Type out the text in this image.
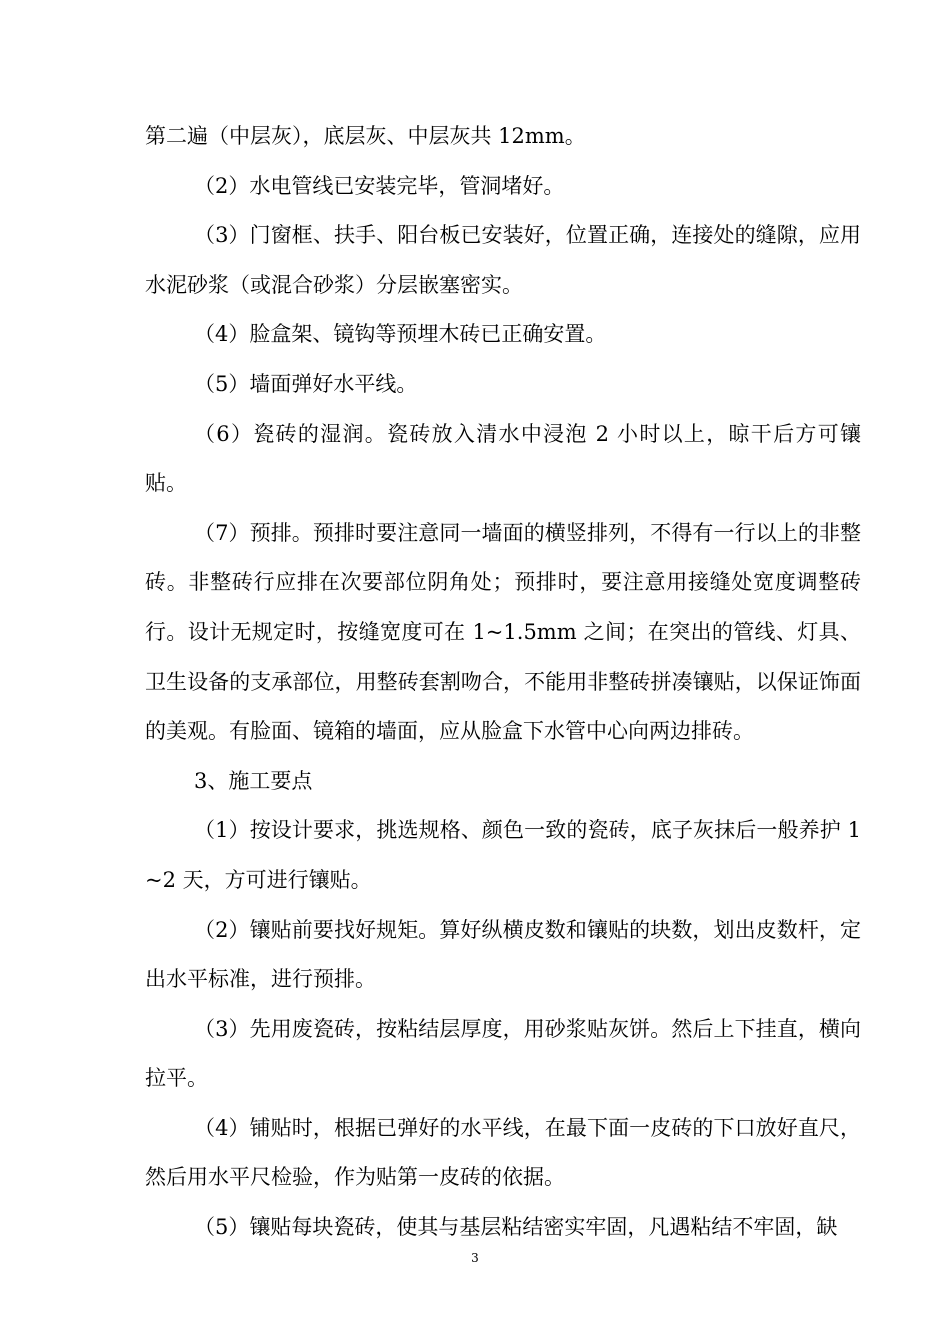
第二遍（中层灰），底层灰、中层灰共 12mm。

（2）水电管线已安装完毕，管洞堵好。

（3）门窗框、扶手、阳台板已安装好，位置正确，连接处的缝隙，应用水泥砂浆（或混合砂浆）分层嵌塞密实。

（4）脸盒架、镜钩等预埋木砖已正确安置。

（5）墙面弹好水平线。

（6）瓷砖的湿润。瓷砖放入清水中浸泡 2 小时以上，晾干后方可镶贴。

（7）预排。预排时要注意同一墙面的横竖排列，不得有一行以上的非整砖。非整砖行应排在次要部位阴角处；预排时，要注意用接缝处宽度调整砖行。设计无规定时，按缝宽度可在 1~1.5mm 之间；在突出的管线、灯具、卫生设备的支承部位，用整砖套割吻合，不能用非整砖拼凑镶贴，以保证饰面的美观。有脸面、镜箱的墙面，应从脸盒下水管中心向两边排砖。

3、施工要点

（1）按设计要求，挑选规格、颜色一致的瓷砖，底子灰抹后一般养护 1~2 天，方可进行镶贴。

（2）镶贴前要找好规矩。算好纵横皮数和镶贴的块数，划出皮数杆，定出水平标准，进行预排。

（3）先用废瓷砖，按粘结层厚度，用砂浆贴灰饼。然后上下挂直，横向拉平。

（4）铺贴时，根据已弹好的水平线，在最下面一皮砖的下口放好直尺，然后用水平尺检验，作为贴第一皮砖的依据。

（5）镶贴每块瓷砖，使其与基层粘结密实牢固，凡遇粘结不牢固，缺

3
